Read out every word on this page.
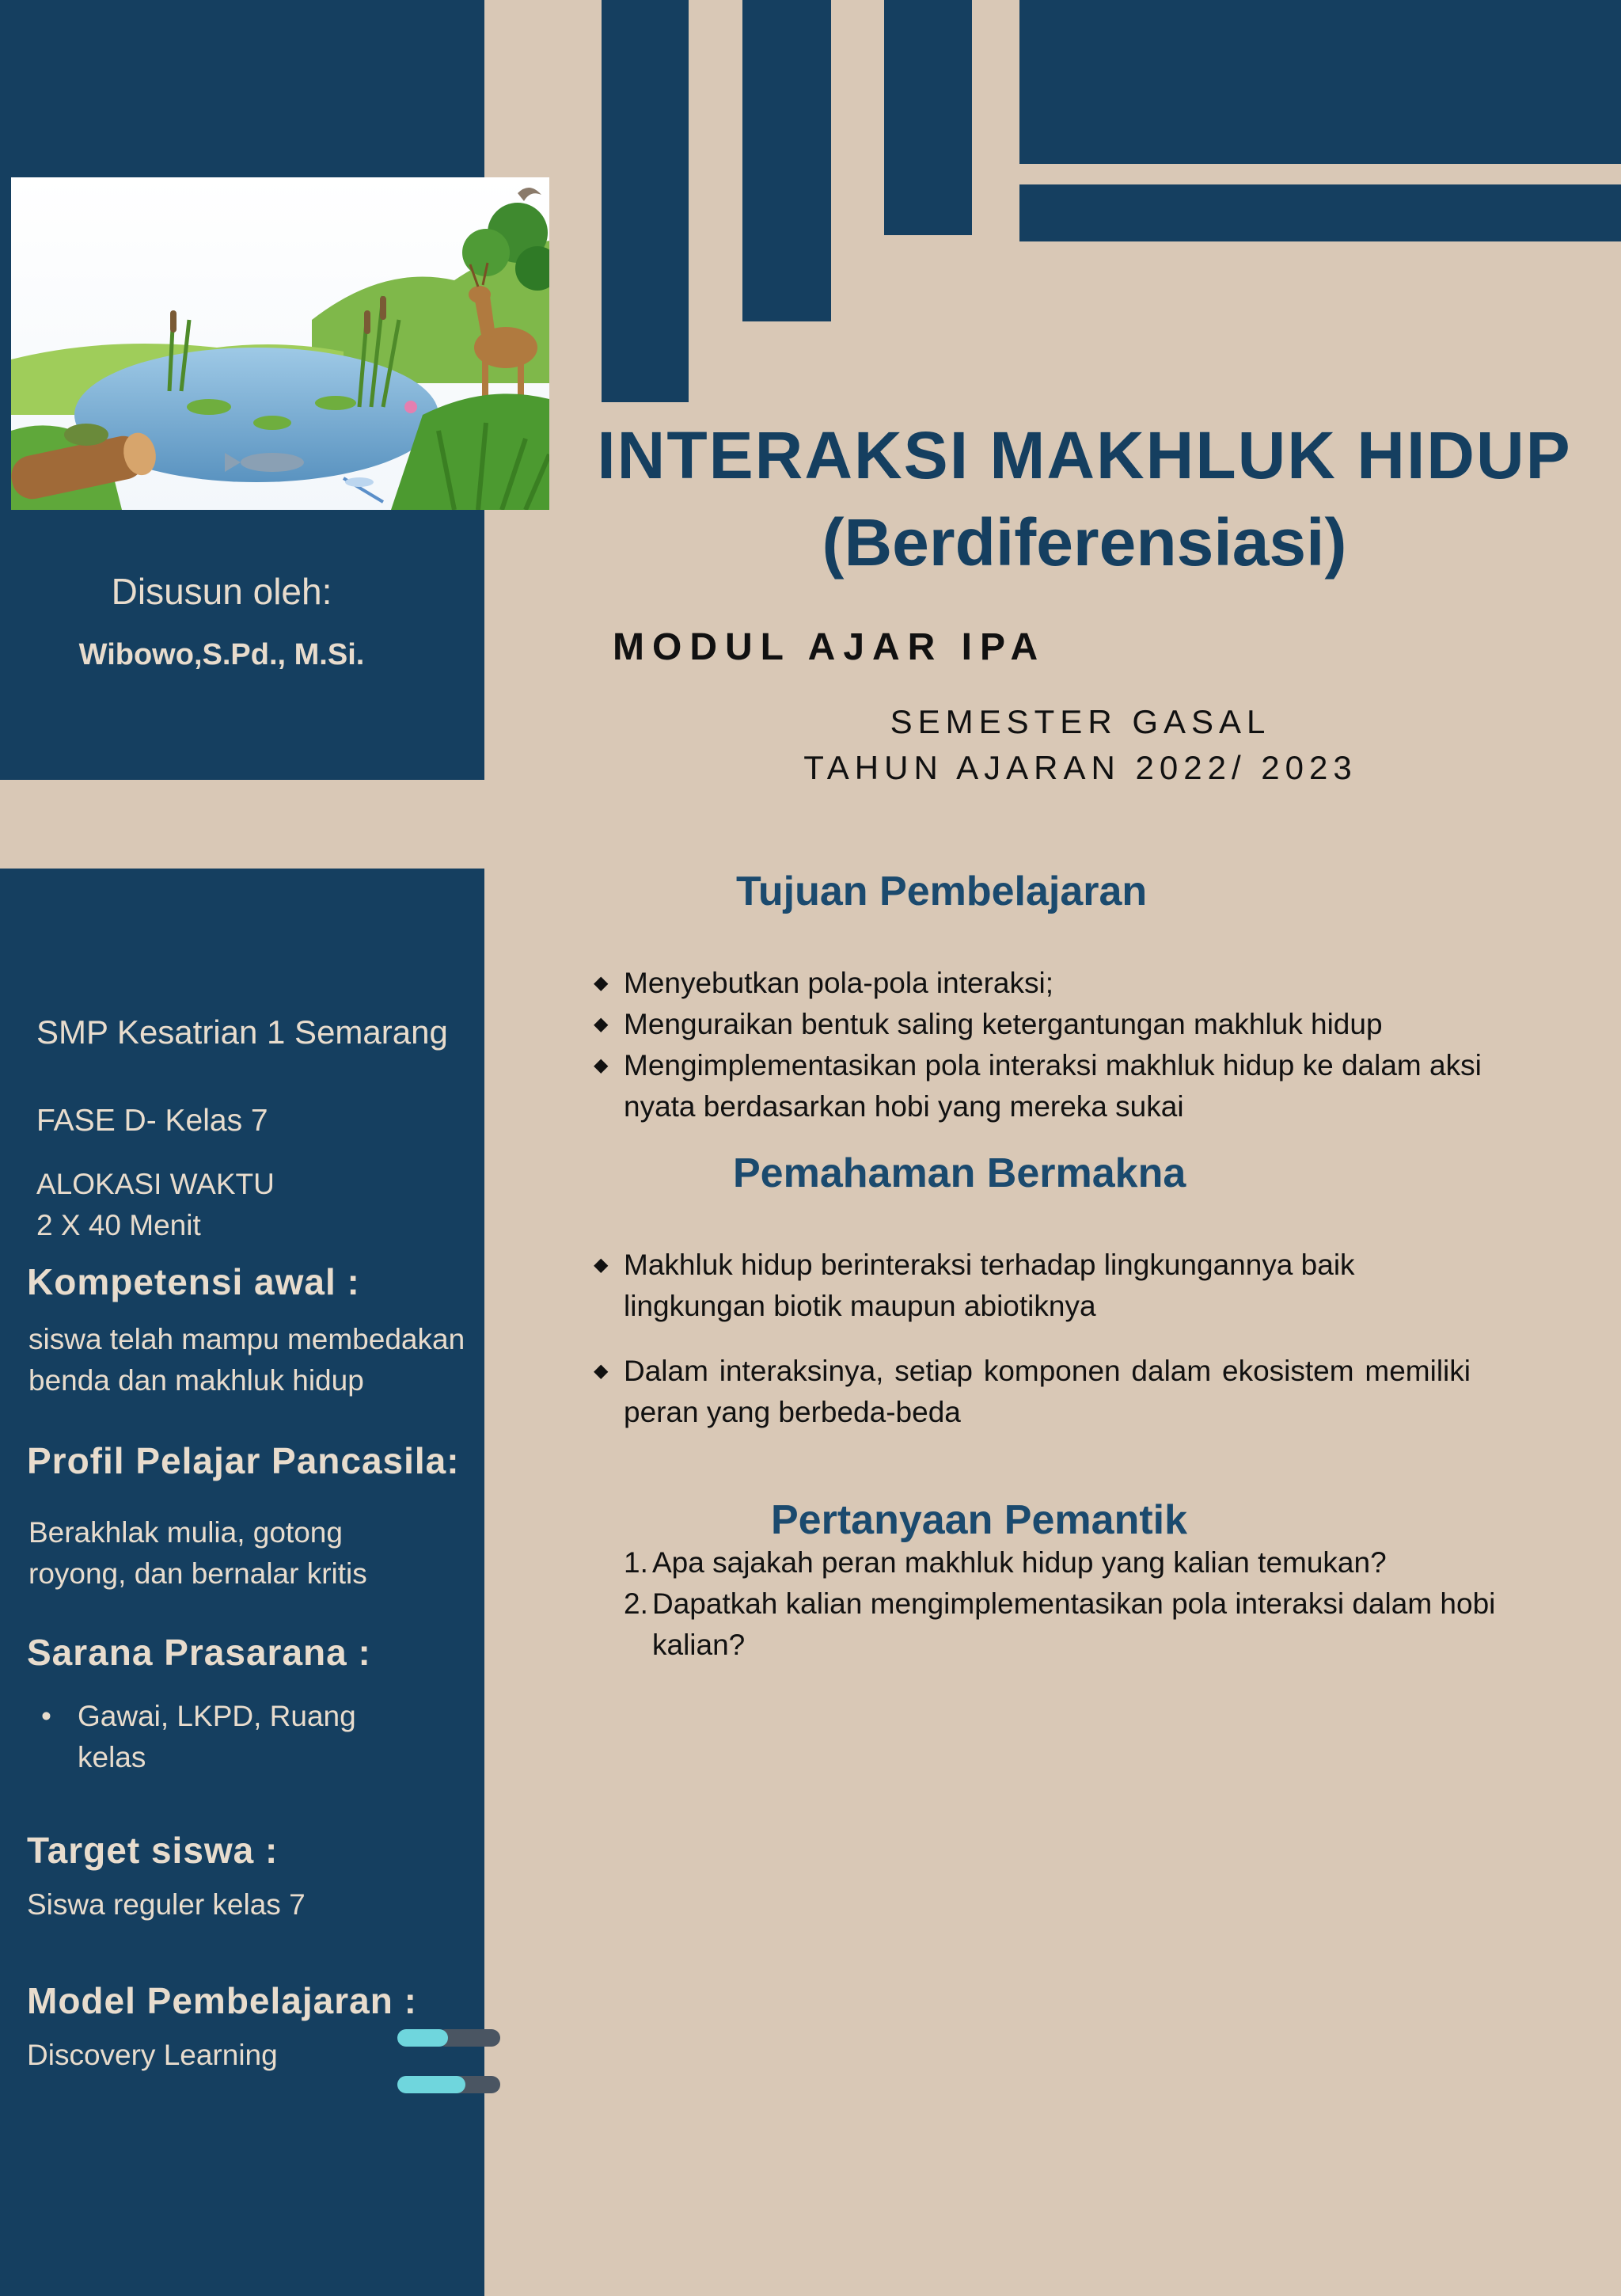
Disusun oleh:
Wibowo,S.Pd., M.Si.
INTERAKSI MAKHLUK HIDUP
(Berdiferensiasi)
MODUL AJAR IPA
SEMESTER GASAL
TAHUN AJARAN 2022/ 2023
SMP Kesatrian 1 Semarang
FASE D- Kelas 7
ALOKASI WAKTU
2 X 40 Menit
Kompetensi awal :
siswa telah mampu membedakan
benda dan makhluk hidup
Profil Pelajar Pancasila:
Berakhlak mulia, gotong
royong, dan bernalar kritis
Sarana Prasarana :
• Gawai, LKPD, Ruang
kelas
Target siswa :
Siswa reguler kelas 7
Model Pembelajaran :
Discovery Learning
Tujuan Pembelajaran
◆ Menyebutkan pola-pola interaksi;
◆ Menguraikan bentuk saling ketergantungan makhluk hidup
◆ Mengimplementasikan pola interaksi makhluk hidup ke dalam aksi nyata berdasarkan hobi yang mereka sukai
Pemahaman Bermakna
◆ Makhluk hidup berinteraksi terhadap lingkungannya baik lingkungan biotik maupun abiotiknya
◆ Dalam interaksinya, setiap komponen dalam ekosistem memiliki peran yang berbeda-beda
Pertanyaan Pemantik
1. Apa sajakah peran makhluk hidup yang kalian temukan?
2. Dapatkah kalian mengimplementasikan pola interaksi dalam hobi kalian?
